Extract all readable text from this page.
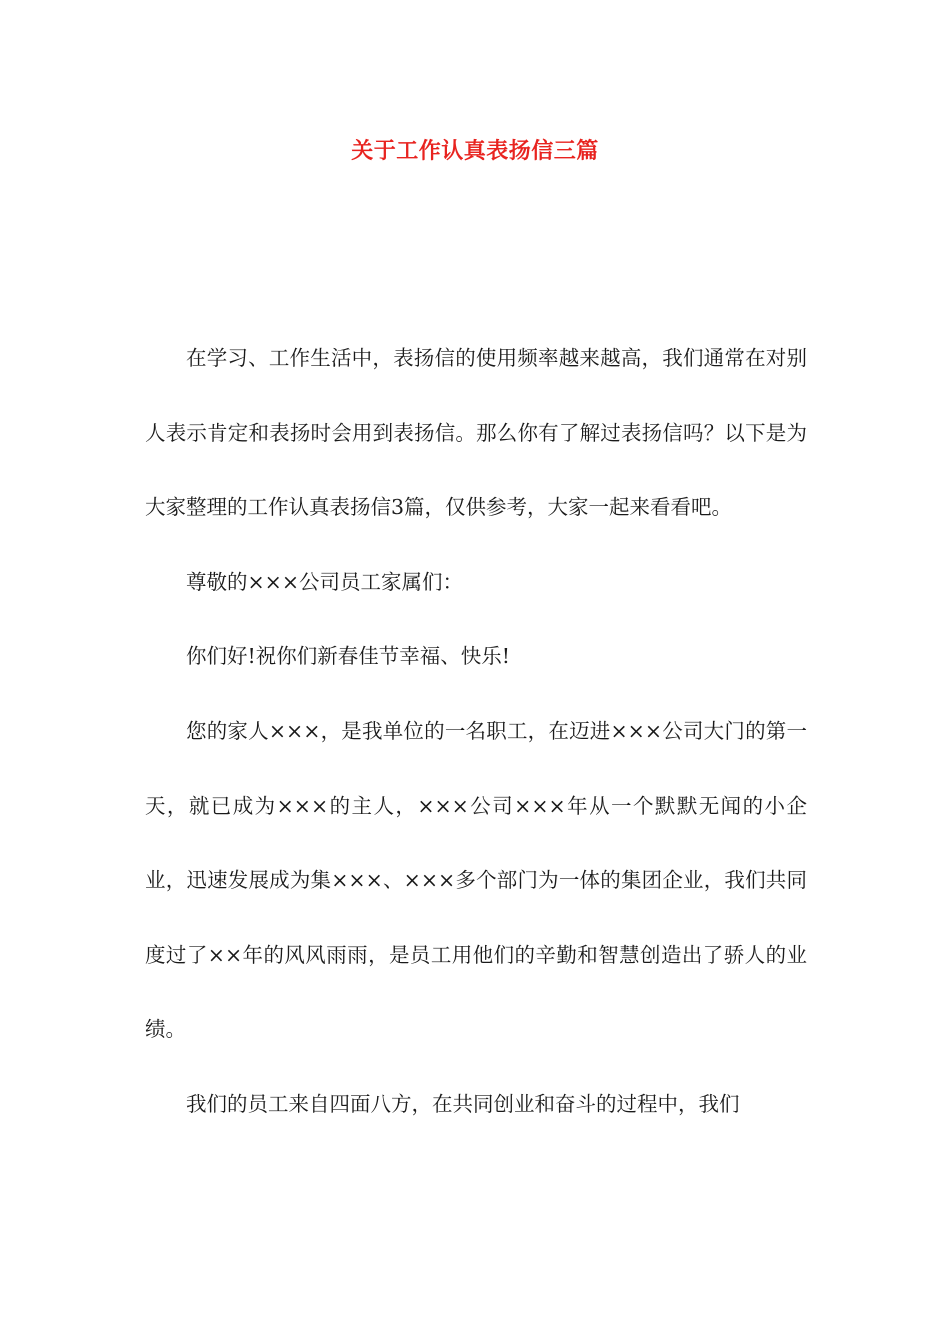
关于工作认真表扬信三篇

在学习、工作生活中，表扬信的使用频率越来越高，我们通常在对别人表示肯定和表扬时会用到表扬信。那么你有了解过表扬信吗？以下是为大家整理的工作认真表扬信3篇，仅供参考，大家一起来看看吧。

尊敬的×××公司员工家属们：

你们好!祝你们新春佳节幸福、快乐!

您的家人×××，是我单位的一名职工，在迈进×××公司大门的第一天，就已成为×××的主人，×××公司×××年从一个默默无闻的小企业，迅速发展成为集×××、×××多个部门为一体的集团企业，我们共同度过了××年的风风雨雨，是员工用他们的辛勤和智慧创造出了骄人的业绩。

我们的员工来自四面八方，在共同创业和奋斗的过程中，我们
